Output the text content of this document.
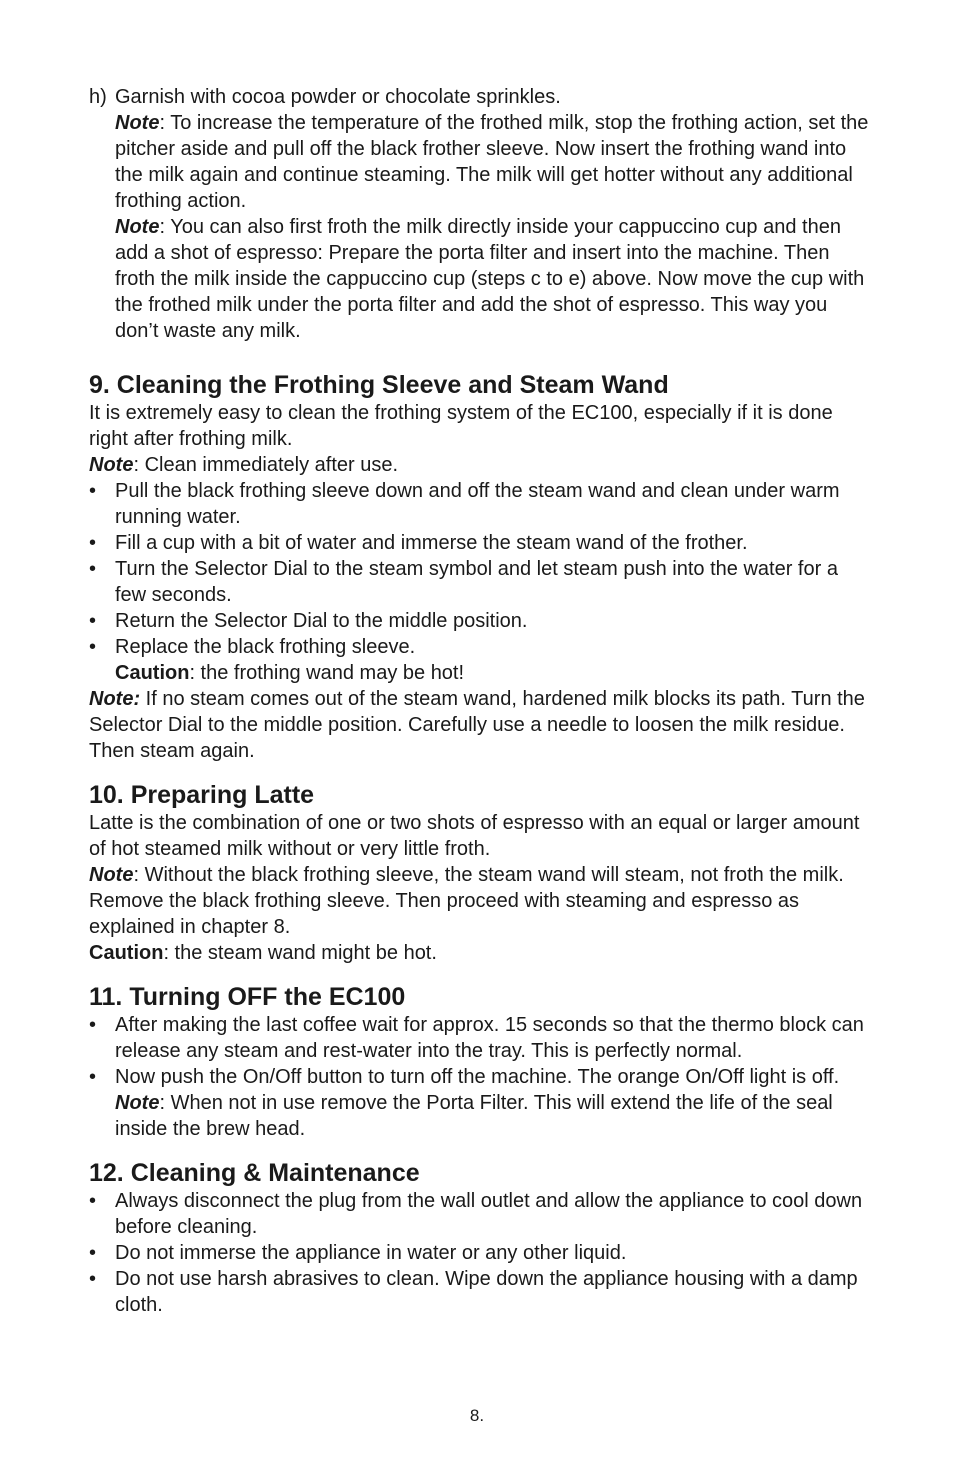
h) Garnish with cocoa powder or chocolate sprinkles.

Note: To increase the temperature of the frothed milk, stop the frothing action, set the pitcher aside and pull off the black frother sleeve. Now insert the frothing wand into the milk again and continue steaming. The milk will get hotter without any additional frothing action.

Note: You can also first froth the milk directly inside your cappuccino cup and then add a shot of espresso: Prepare the porta filter and insert into the machine. Then froth the milk inside the cappuccino cup (steps c to e) above. Now move the cup with the frothed milk under the porta filter and add the shot of espresso. This way you don’t waste any milk.

9. Cleaning the Frothing Sleeve and Steam Wand

It is extremely easy to clean the frothing system of the EC100, especially if it is done right after frothing milk.

Note: Clean immediately after use.

• Pull the black frothing sleeve down and off the steam wand and clean under warm running water.
• Fill a cup with a bit of water and immerse the steam wand of the frother.
• Turn the Selector Dial to the steam symbol and let steam push into the water for a few seconds.
• Return the Selector Dial to the middle position.
• Replace the black frothing sleeve.

Caution: the frothing wand may be hot!

Note: If no steam comes out of the steam wand, hardened milk blocks its path. Turn the Selector Dial to the middle position. Carefully use a needle to loosen the milk residue. Then steam again.

10. Preparing Latte

Latte is the combination of one or two shots of espresso with an equal or larger amount of hot steamed milk without or very little froth.

Note: Without the black frothing sleeve, the steam wand will steam, not froth the milk.

Remove the black frothing sleeve. Then proceed with steaming and espresso as explained in chapter 8.

Caution: the steam wand might be hot.

11. Turning OFF the EC100
• After making the last coffee wait for approx. 15 seconds so that the thermo block can release any steam and rest-water into the tray. This is perfectly normal.
• Now push the On/Off button to turn off the machine. The orange On/Off light is off.

Note: When not in use remove the Porta Filter. This will extend the life of the seal inside the brew head.

12. Cleaning & Maintenance
• Always disconnect the plug from the wall outlet and allow the appliance to cool down before cleaning.
• Do not immerse the appliance in water or any other liquid.
• Do not use harsh abrasives to clean. Wipe down the appliance housing with a damp cloth.
8.
